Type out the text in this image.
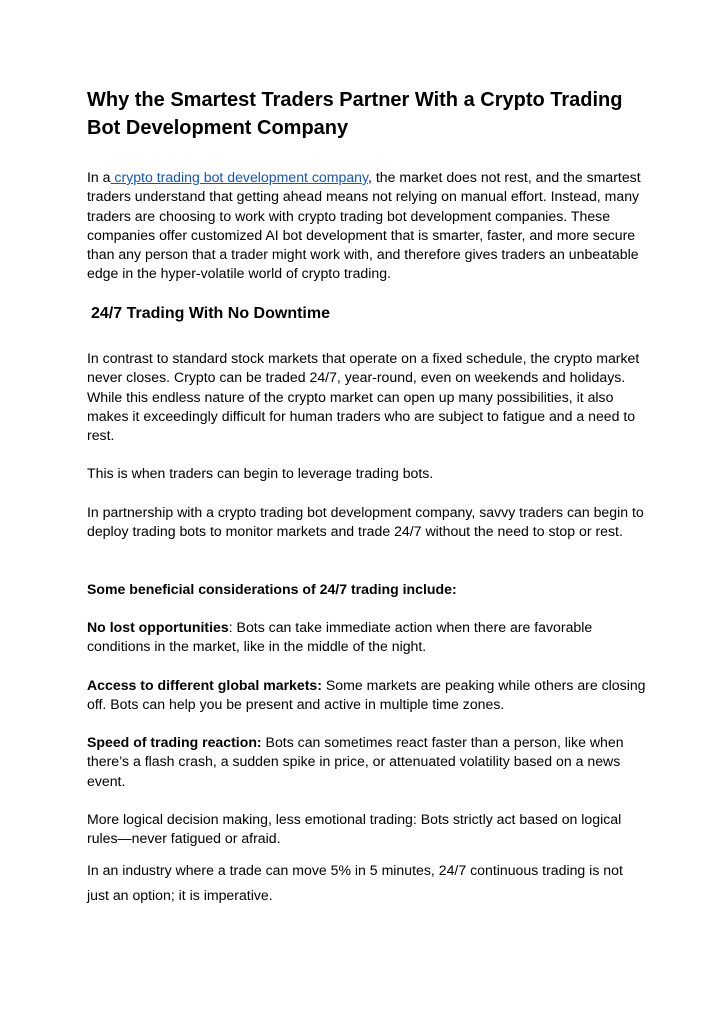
Why the Smartest Traders Partner With a Crypto Trading Bot Development Company

In a crypto trading bot development company, the market does not rest, and the smartest traders understand that getting ahead means not relying on manual effort. Instead, many traders are choosing to work with crypto trading bot development companies. These companies offer customized AI bot development that is smarter, faster, and more secure than any person that a trader might work with, and therefore gives traders an unbeatable edge in the hyper-volatile world of crypto trading.

24/7 Trading With No Downtime

In contrast to standard stock markets that operate on a fixed schedule, the crypto market never closes. Crypto can be traded 24/7, year-round, even on weekends and holidays. While this endless nature of the crypto market can open up many possibilities, it also makes it exceedingly difficult for human traders who are subject to fatigue and a need to rest.

This is when traders can begin to leverage trading bots.

In partnership with a crypto trading bot development company, savvy traders can begin to deploy trading bots to monitor markets and trade 24/7 without the need to stop or rest.

Some beneficial considerations of 24/7 trading include:

No lost opportunities: Bots can take immediate action when there are favorable conditions in the market, like in the middle of the night.

Access to different global markets: Some markets are peaking while others are closing off. Bots can help you be present and active in multiple time zones.

Speed of trading reaction: Bots can sometimes react faster than a person, like when there’s a flash crash, a sudden spike in price, or attenuated volatility based on a news event.

More logical decision making, less emotional trading: Bots strictly act based on logical rules—never fatigued or afraid.

In an industry where a trade can move 5% in 5 minutes, 24/7 continuous trading is not just an option; it is imperative.
